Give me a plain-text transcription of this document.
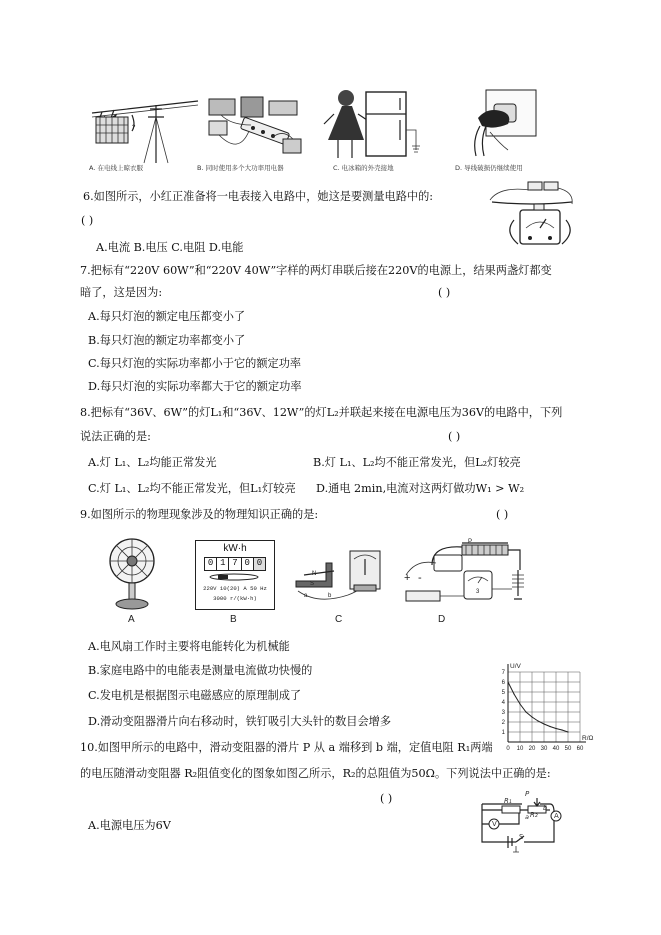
?
A. 在电线上晾衣服	B. 同时使用多个大功率用电器	C. 电冰箱的外壳接地	D. 导线破损仍继续使用
6.如图所示，小红正准备将一电表接入电路中，她这是要测量电路中的:
( )
A.电流 B.电压 C.电阻 D.电能
7.把标有“220V 60W”和“220V 40W”字样的两灯串联后接在220V的电源上，结果两盏灯都变
暗了，这是因为:	( )
A.每只灯泡的额定电压都变小了
B.每只灯泡的额定功率都变小了
C.每只灯泡的实际功率都小于它的额定功率
D.每只灯泡的实际功率都大于它的额定功率
8.把标有“36V、6W”的灯L₁和“36V、12W”的灯L₂并联起来接在电源电压为36V的电路中，下列
说法正确的是:	( )
A.灯 L₁、L₂均能正常发光	B.灯 L₁、L₂均不能正常发光，但L₂灯较亮
C.灯 L₁、L₂均不能正常发光，但L₁灯较亮 D.通电 2min,电流对这两灯做功W₁ > W₂
9.如图所示的物理现象涉及的物理知识正确的是:	( )
A
kW·h
0 1 7 0 0
220V 10(20) A 50 Hz
3000 r/(kW·h)
B
N
S
a	b
C
P
+ -
3
D
A.电风扇工作时主要将电能转化为机械能
B.家庭电路中的电能表是测量电流做功快慢的
C.发电机是根据图示电磁感应的原理制成了
D.滑动变阻器滑片向右移动时，铁钉吸引大头针的数目会增多
0 10 20 30 40 50 60
1
2
3
4
5
6
7
U/V
R/Ω
10.如图甲所示的电路中，滑动变阻器的滑片 P 从 a 端移到 b 端，定值电阻 R₁两端
的电压随滑动变阻器 R₂阻值变化的图象如图乙所示，R₂的总阻值为50Ω。下列说法中正确的是:
( )
A.电源电压为6V
P
R₁
a R₂
b
A
V
S
